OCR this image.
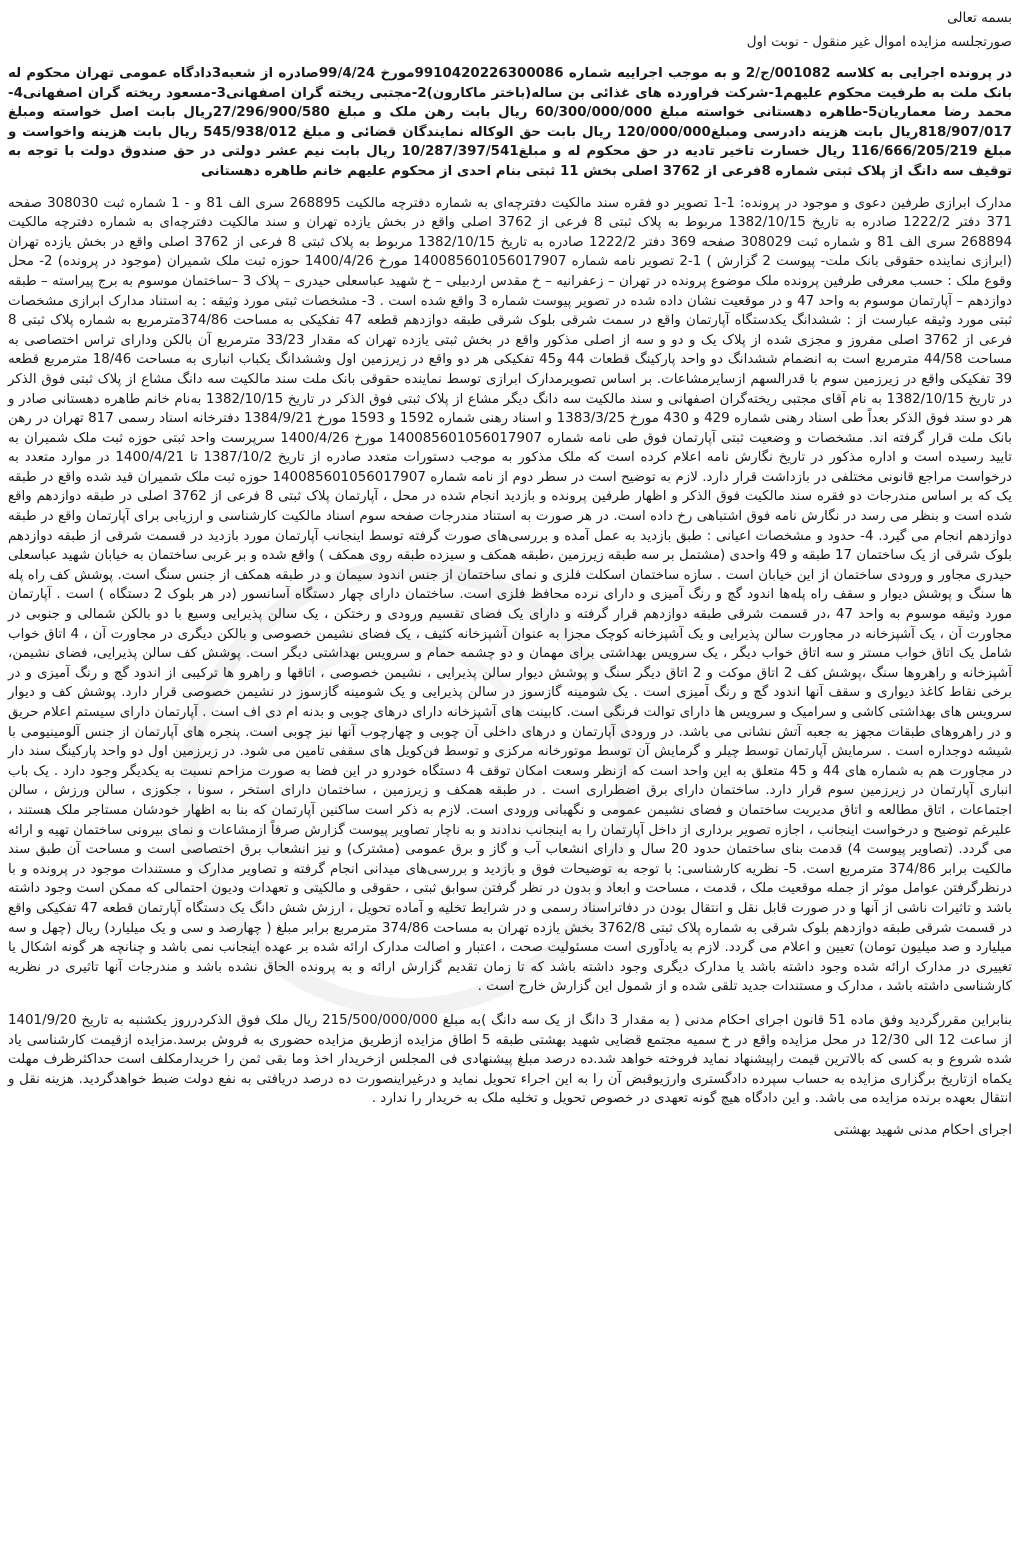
بسمه تعالی

صورتجلسه مزایده اموال غیر منقول - نوبت اول

در پرونده اجرایی به کلاسه 001082/ج/2 و به موجب اجراییه شماره 9910420226300086مورخ 99/4/24صادره از شعبه3دادگاه عمومی تهران محکوم له بانک ملت به طرفیت محکوم علیهم1-شرکت فراورده های غذائی بن ساله(باختر ماکارون)2-مجتبی ریخته گران اصفهانی3-مسعود ریخته گران اصفهانی4-محمد رضا معماریان5-طاهره دهستانی خواسته مبلغ 60/300/000/000 ریال بابت رهن ملک و مبلغ 27/296/900/580ریال بابت اصل خواسته ومبلغ 818/907/017ریال بابت هزینه دادرسی ومبلغ120/000/000 ریال بابت حق الوکاله نمایندگان قضائی و مبلغ 545/938/012 ریال بابت هزینه واخواست و مبلغ 116/666/205/219 ریال خسارت تاخیر تادیه در حق محکوم له و مبلغ10/287/397/541 ریال بابت نیم عشر دولتی در حق صندوق دولت با توجه به توقیف سه دانگ از پلاک ثبتی شماره 8فرعی از 3762 اصلی بخش 11 ثبتی بنام احدی از محکوم علیهم خانم طاهره دهستانی

مدارک ابرازی طرفین دعوی و موجود در پرونده: 1-1 تصویر دو فقره سند مالکیت دفترچه‌ای به شماره دفترچه مالکیت 268895 سری الف 81 و - 1 شماره ثبت 308030 صفحه 371 دفتر 1222/2 صادره به تاریخ 1382/10/15 مربوط به پلاک ثبتی 8 فرعی از 3762 اصلی واقع در بخش یازده تهران و سند مالکیت دفترچه‌ای به شماره دفترچه مالکیت 268894 سری الف 81 و شماره ثبت 308029 صفحه 369 دفتر 1222/2 صادره به تاریخ 1382/10/15 مربوط به پلاک ثبتی 8 فرعی از 3762 اصلی واقع در بخش یازده تهران (ابرازی نماینده حقوقی بانک ملت- پیوست 2 گزارش ) 1-2 تصویر نامه شماره 14008560105601790​7 مورخ 1400/4/26 حوزه ثبت ملک شمیران (موجود در پرونده) 2- محل وقوع ملک : حسب معرفی طرفین پرونده ملک موضوع پرونده در تهران – زعفرانیه – خ مقدس اردبیلی – خ شهید عباسعلی حیدری – پلاک 3 –ساختمان موسوم به برج پیراسته – طبقه دوازدهم – آپارتمان موسوم به واحد 47 و در موقعیت نشان داده شده در تصویر پیوست شماره 3 واقع شده است . 3- مشخصات ثبتی مورد وثیقه : به استناد مدارک ابرازی مشخصات ثبتی مورد وثیقه عبارست از : ششدانگ یکدستگاه آپارتمان واقع در سمت شرقی بلوک شرقی طبقه دوازدهم قطعه 47 تفکیکی به مساحت 374/86مترمربع به شماره پلاک ثبتی 8 فرعی از 3762 اصلی مفروز و مجزی شده از پلاک یک و دو و سه از اصلی مذکور واقع در بخش ثبتی یازده تهران که مقدار 33/23 مترمربع آن بالکن ودارای تراس اختصاصی به مساحت 44/58 مترمربع است به انضمام ششدانگ دو واحد پارکینگ قطعات 44 و45 تفکیکی هر دو واقع در زیرزمین اول وششدانگ یکباب انباری به مساحت 18/46 مترمربع قطعه 39 تفکیکی واقع در زیرزمین سوم با قدرالسهم ازسایرمشاعات. بر اساس تصویرمدارک ابرازی توسط نماینده حقوقی بانک ملت سند مالکیت سه دانگ مشاع از پلاک ثبتی فوق الذکر در تاریخ 1382/10/15 به نام آقای مجتبی ریخته‌گران اصفهانی و سند مالکیت سه دانگ دیگر مشاع از پلاک ثبتی فوق الذکر در تاریخ 1382/10/15 به‌نام خانم طاهره دهستانی صادر و هر دو سند فوق الذکر بعداً طی اسناد رهنی شماره 429 و 430 مورخ 1383/3/25 و اسناد رهنی شماره 1592 و 1593 مورخ 1384/9/21 دفترخانه اسناد رسمی 817 تهران در رهن بانک ملت قرار گرفته اند. مشخصات و وضعیت ثبتی آپارتمان فوق طی نامه شماره 140085601056017907 مورخ 1400/4/26 سرپرست واحد ثبتی حوزه ثبت ملک شمیران به تایید رسیده است و اداره مذکور در تاریخ نگارش نامه اعلام کرده است که ملک مذکور به موجب دستورات متعدد صادره از تاریخ 1387/10/2 تا 1400/4/21 در موارد متعدد به درخواست مراجع قانونی مختلفی در بازداشت قرار دارد. لازم به توضیح است در سطر دوم از نامه شماره 140085601056017907 حوزه ثبت ملک شمیران قید شده واقع در طبقه یک که بر اساس مندرجات دو فقره سند مالکیت فوق الذکر و اظهار طرفین پرونده و بازدید انجام شده در محل ، آپارتمان پلاک ثبتی 8 فرعی از 3762 اصلی در طبقه دوازدهم واقع شده است و بنظر می رسد در نگارش نامه فوق اشتباهی رخ داده است. در هر صورت به استناد مندرجات صفحه سوم اسناد مالکیت کارشناسی و ارزیابی برای آپارتمان واقع در طبقه دوازدهم انجام می گیرد. 4- حدود و مشخصات اعیانی : طبق بازدید به عمل آمده و بررسی‌های صورت گرفته توسط اینجانب آپارتمان مورد بازدید در قسمت شرقی از طبقه دوازدهم بلوک شرقی از یک ساختمان 17 طبقه و 49 واحدی (مشتمل بر سه طبقه زیرزمین ،طبقه همکف و سیزده طبقه روی همکف ) واقع شده و بر غربی ساختمان به خیابان شهید عباسعلی حیدری مجاور و ورودی ساختمان از این خیابان است . سازه ساختمان اسکلت فلزی و نمای ساختمان از جنس اندود سیمان و در طبقه همکف از جنس سنگ است. پوشش کف راه پله ها سنگ و پوشش دیوار و سقف راه پله‌ها اندود گچ و رنگ آمیزی و دارای نرده محافظ فلزی است. ساختمان دارای چهار دستگاه آسانسور (در هر بلوک 2 دستگاه ) است . آپارتمان مورد وثیقه موسوم به واحد 47 ،در قسمت شرقی طبقه دوازدهم قرار گرفته و دارای یک فضای تقسیم ورودی و رختکن ، یک سالن پذیرایی وسیع با دو بالکن شمالی و جنوبی در مجاورت آن ، یک آشپزخانه در مجاورت سالن پذیرایی و یک آشپزخانه کوچک مجزا به عنوان آشپزخانه کثیف ، یک فضای نشیمن خصوصی و بالکن دیگری در مجاورت آن ، 4 اتاق خواب شامل یک اتاق خواب مستر و سه اتاق خواب دیگر ، یک سرویس بهداشتی برای مهمان و دو چشمه حمام و سرویس بهداشتی دیگر است. پوشش کف سالن پذیرایی، فضای نشیمن، آشپزخانه و راهروها سنگ ،پوشش کف 2 اتاق موکت و 2 اتاق دیگر سنگ و پوشش دیوار سالن پذیرایی ، نشیمن خصوصی ، اتاقها و راهرو ها ترکیبی از اندود گچ و رنگ آمیزی و در برخی نقاط کاغذ دیواری و سقف آنها اندود گچ و رنگ آمیزی است . یک شومینه گازسوز در سالن پذیرایی و یک شومینه گازسوز در نشیمن خصوصی قرار دارد. پوشش کف و دیوار سرویس های بهداشتی کاشی و سرامیک و سرویس ها دارای توالت فرنگی است. کابینت های آشپزخانه دارای درهای چوبی و بدنه ام دی اف است . آپارتمان دارای سیستم اعلام حریق و در راهروهای طبقات مجهز به جعبه آتش نشانی می باشد. در ورودی آپارتمان و درهای داخلی آن چوبی و چهارچوب آنها نیز چوبی است. پنجره های آپارتمان از جنس آلومینیومی با شیشه دوجداره است . سرمایش آپارتمان توسط چیلر و گرمایش آن توسط موتورخانه مرکزی و توسط فن‌کویل های سقفی تامین می شود. در زیرزمین اول دو واحد پارکینگ سند دار در مجاورت هم به شماره های 44 و 45 متعلق به این واحد است که ازنظر وسعت امکان توقف 4 دستگاه خودرو در این فضا به صورت مزاحم نسبت به یکدیگر وجود دارد . یک باب انباری آپارتمان در زیرزمین سوم قرار دارد. ساختمان دارای برق اضطراری است . در طبقه همکف و زیرزمین ، ساختمان دارای استخر ، سونا ، جکوزی ، سالن ورزش ، سالن اجتماعات ، اتاق مطالعه و اتاق مدیریت ساختمان و فضای نشیمن عمومی و نگهبانی ورودی است. لازم به ذکر است ساکنین آپارتمان که بنا به اظهار خودشان مستاجر ملک هستند ، علیرغم توضیح و درخواست اینجانب ، اجازه تصویر برداری از داخل آپارتمان را به اینجانب ندادند و به ناچار تصاویر پیوست گزارش صرفاً ازمشاعات و نمای بیرونی ساختمان تهیه و ارائه می گردد. (تصاویر پیوست 4) قدمت بنای ساختمان حدود 20 سال و دارای انشعاب آب و گاز و برق عمومی (مشترک) و نیز انشعاب برق اختصاصی است و مساحت آن طبق سند مالکیت برابر 374/86 مترمربع است. 5- نظریه کارشناسی: با توجه به توضیحات فوق و بازدید و بررسی‌های میدانی انجام گرفته و تصاویر مدارک و مستندات موجود در پرونده و با درنظرگرفتن عوامل موثر از جمله موقعیت ملک ، قدمت ، مساحت و ابعاد و بدون در نظر گرفتن سوابق ثبتی ، حقوقی و مالکیتی و تعهدات ودیون احتمالی که ممکن است وجود داشته باشد و تاثیرات ناشی از آنها و در صورت قابل نقل و انتقال بودن در دفاتراسناد رسمی و در شرایط تخلیه و آماده تحویل ، ارزش شش دانگ یک دستگاه آپارتمان قطعه 47 تفکیکی واقع در قسمت شرقی طبقه دوازدهم بلوک شرقی به شماره پلاک ثبتی 3762/8 بخش یازده تهران به مساحت 374/86 مترمربع برابر مبلغ ( چهارصد و سی و یک میلیارد) ریال (چهل و سه میلیارد و صد میلیون تومان) تعیین و اعلام می گردد. لازم به یادآوری است مسئولیت صحت ، اعتبار و اصالت مدارک ارائه شده بر عهده اینجانب نمی باشد و چنانچه هر گونه اشکال یا تغییری در مدارک ارائه شده وجود داشته باشد یا مدارک دیگری وجود داشته باشد که تا زمان تقدیم گزارش ارائه و به پرونده الحاق نشده باشد و مندرجات آنها تاثیری در نظریه کارشناسی داشته باشد ، مدارک و مستندات جدید تلقی شده و از شمول این گزارش خارج است .

بنابراین مقررگردید وفق ماده 51 قانون اجرای احکام مدنی ( به مقدار 3 دانگ از یک سه دانگ )به مبلغ 215/500/000/000 ریال ملک فوق الذکردرروز یکشنبه به تاریخ 1401/9/20 از ساعت 12 الی 12/30 در محل مزایده واقع در خ سمیه مجتمع قضایی شهید بهشتی طبقه 5 اطاق مزایده ازطریق مزایده حضوری به فروش برسد.مزایده ازقیمت کارشناسی یاد شده شروع و به کسی که بالاترین قیمت راپیشنهاد نماید فروخته خواهد شد.ده درصد مبلغ پیشنهادی فی المجلس ازخریدار اخذ وما بقی ثمن را خریدارمکلف است حداکثرظرف مهلت یکماه ازتاریخ برگزاری مزایده به حساب سپرده دادگستری وارزیوقبض آن را به این اجراء تحویل نماید و درغیراینصورت ده درصد دریافتی به نفع دولت ضبط خواهدگردید. هزینه نقل و انتقال بعهده برنده مزایده می باشد. و این دادگاه هیچ گونه تعهدی در خصوص تحویل و تخلیه ملک به خریدار را ندارد .

اجرای احکام مدنی شهید بهشتی
